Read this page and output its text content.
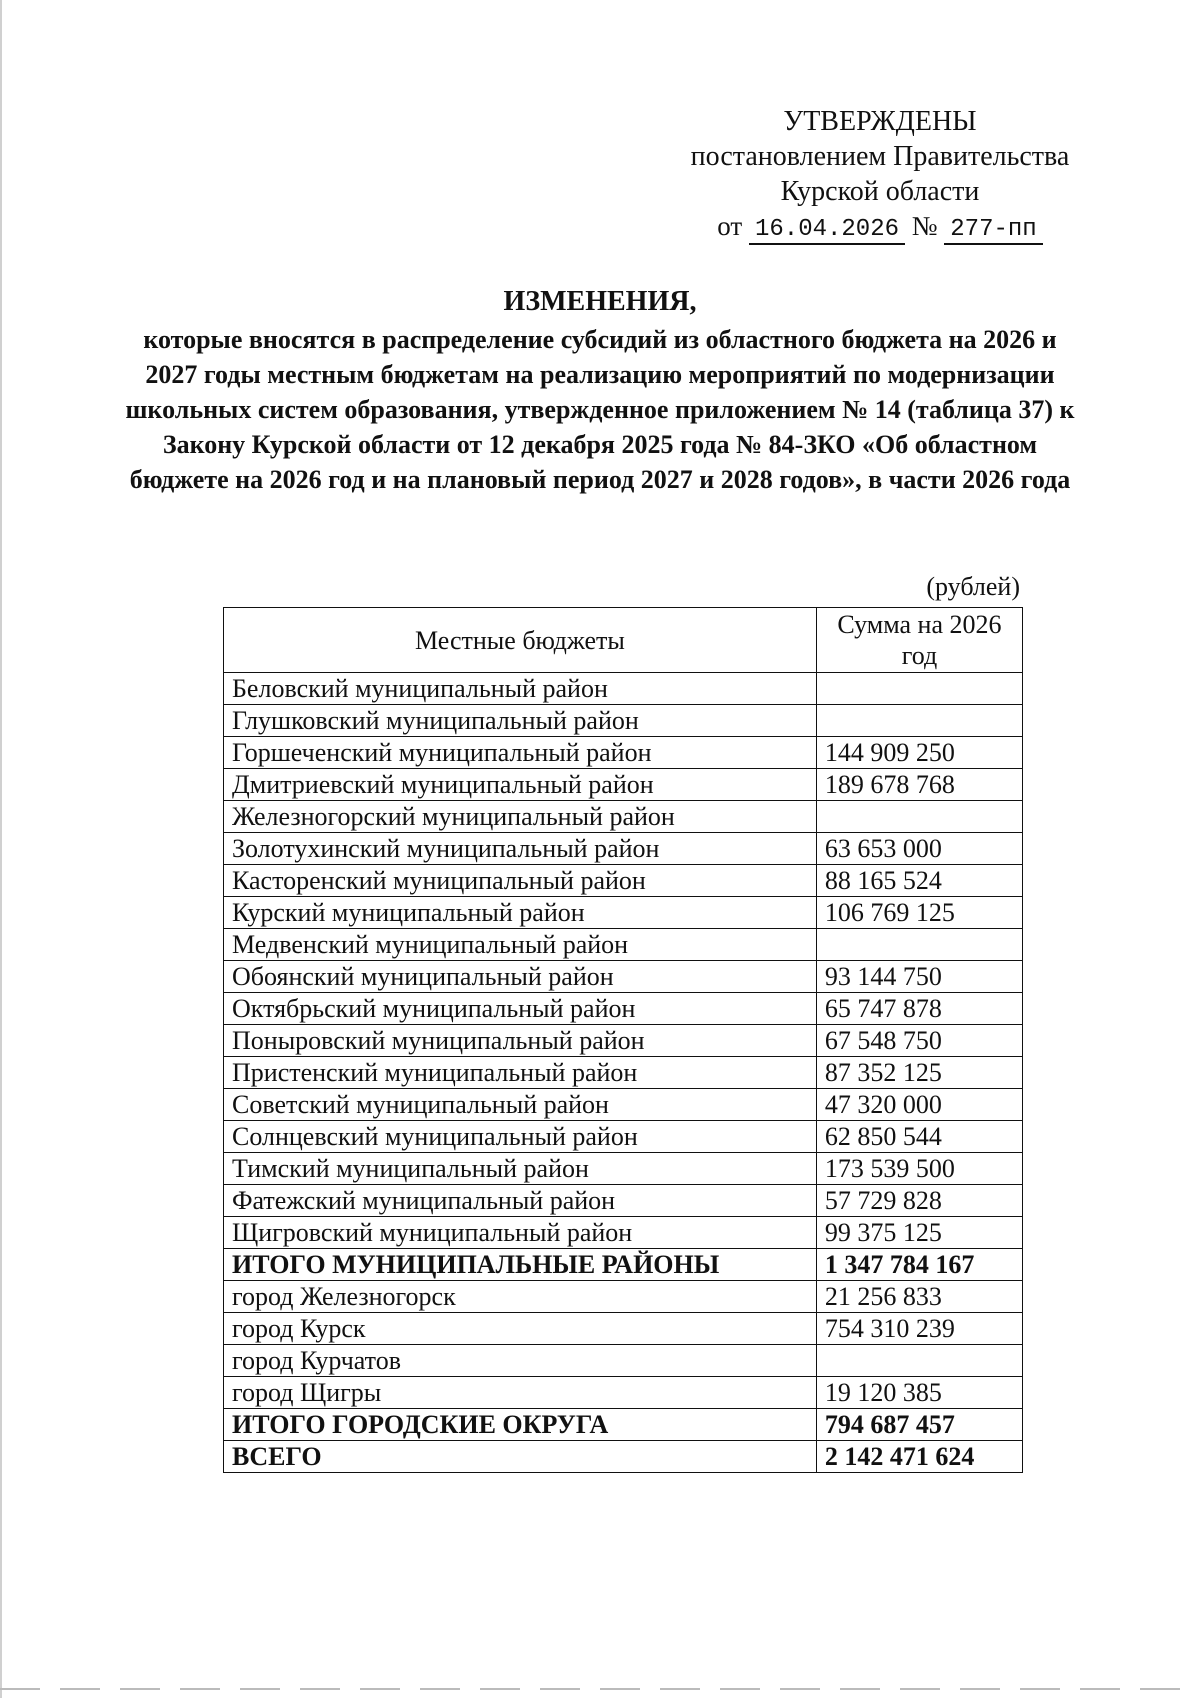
УТВЕРЖДЕНЫ
постановлением Правительства
Курской области
от 16.04.2026 № 277-пп
ИЗМЕНЕНИЯ,
которые вносятся в распределение субсидий из областного бюджета на 2026 и 2027 годы местным бюджетам на реализацию мероприятий по модернизации школьных систем образования, утвержденное приложением № 14 (таблица 37) к Закону Курской области от 12 декабря 2025 года № 84-ЗКО «Об областном бюджете на 2026 год и на плановый период 2027 и 2028 годов», в части 2026 года
(рублей)
Местные бюджеты	Сумма на 2026 год
Беловский муниципальный район	
Глушковский муниципальный район	
Горшеченский муниципальный район	144 909 250
Дмитриевский муниципальный район	189 678 768
Железногорский муниципальный район	
Золотухинский муниципальный район	63 653 000
Касторенский муниципальный район	88 165 524
Курский муниципальный район	106 769 125
Медвенский муниципальный район	
Обоянский муниципальный район	93 144 750
Октябрьский муниципальный район	65 747 878
Поныровский муниципальный район	67 548 750
Пристенский муниципальный район	87 352 125
Советский муниципальный район	47 320 000
Солнцевский муниципальный район	62 850 544
Тимский муниципальный район	173 539 500
Фатежский муниципальный район	57 729 828
Щигровский муниципальный район	99 375 125
ИТОГО МУНИЦИПАЛЬНЫЕ РАЙОНЫ	1 347 784 167
город Железногорск	21 256 833
город Курск	754 310 239
город Курчатов	
город Щигры	19 120 385
ИТОГО ГОРОДСКИЕ ОКРУГА	794 687 457
ВСЕГО	2 142 471 624
